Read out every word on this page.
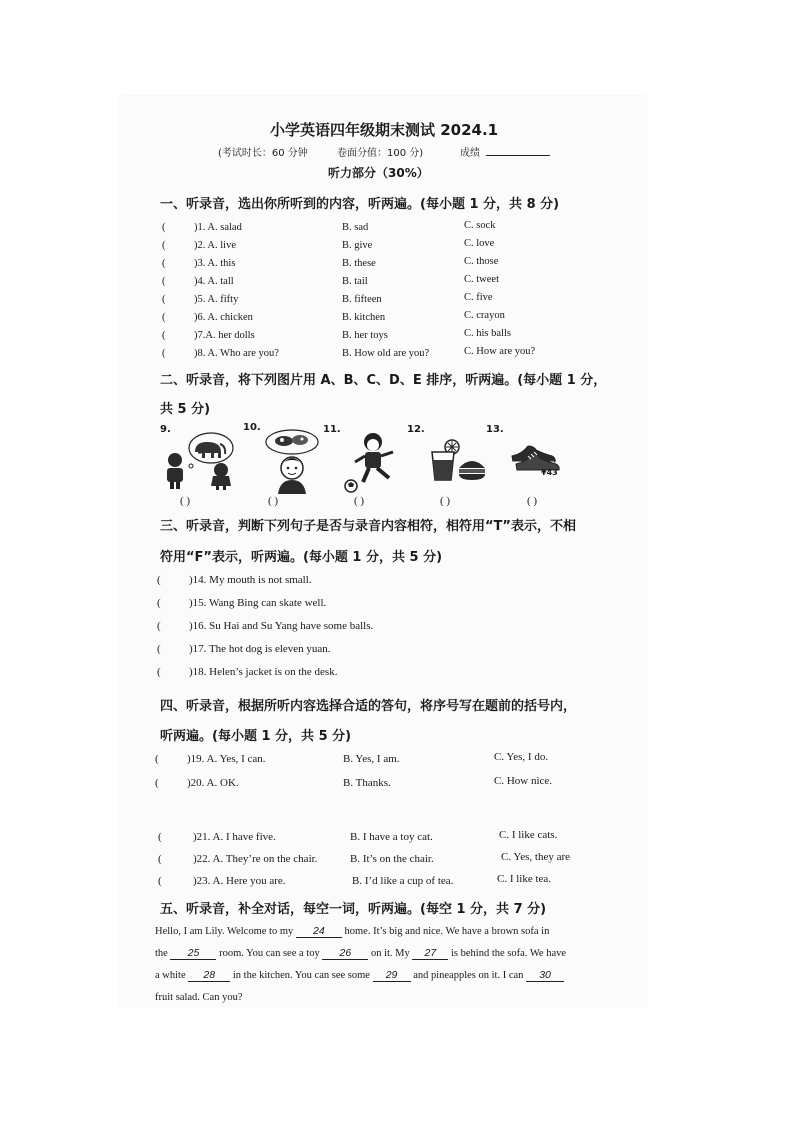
小学英语四年级期末测试 2024.1
(考试时长：60 分钟	卷面分值：100 分)	成绩
听力部分（30%）
一、听录音，选出你所听到的内容，听两遍。(每小题 1 分，共 8 分)
(	)1. A. salad	B. sad	C. sock
(	)2. A. live	B. give	C. love
(	)3. A. this	B. these	C. those
(	)4. A. tall	B. tail	C. tweet
(	)5. A. fifty	B. fifteen	C. five
(	)6. A. chicken	B. kitchen	C. crayon
(	)7.A. her dolls	B. her toys	C. his balls
(	)8. A. Who are you?	B. How old are you?	C. How are you?
二、听录音，将下列图片用 A、B、C、D、E 排序，听两遍。(每小题 1 分，
共 5 分)
9.	10.	11.	12.	13.
¥43
( )	( )	( )	( )	( )
三、听录音，判断下列句子是否与录音内容相符，相符用“T”表示，不相
符用“F”表示，听两遍。(每小题 1 分，共 5 分)
(	)14. My mouth is not small.
(	)15. Wang Bing can skate well.
(	)16. Su Hai and Su Yang have some balls.
(	)17. The hot dog is eleven yuan.
(	)18. Helen’s jacket is on the desk.
四、听录音，根据所听内容选择合适的答句，将序号写在题前的括号内，
听两遍。(每小题 1 分，共 5 分)
(	)19. A. Yes, I can.	B. Yes, I am.	C. Yes, I do.
(	)20. A. OK.	B. Thanks.	C. How nice.
(	)21. A. I have five.	B. I have a toy cat.	C. I like cats.
(	)22. A. They’re on the chair.	B. It’s on the chair.	C. Yes, they are
(	)23. A. Here you are.	B. I’d like a cup of tea.	C. I like tea.
五、听录音，补全对话，每空一词，听两遍。(每空 1 分，共 7 分)
Hello, I am Lily. Welcome to my 24 home. It’s big and nice. We have a brown sofa in
the 25 room. You can see a toy 26 on it. My 27 is behind the sofa. We have
a white 28 in the kitchen. You can see some 29 and pineapples on it. I can 30
fruit salad. Can you?
